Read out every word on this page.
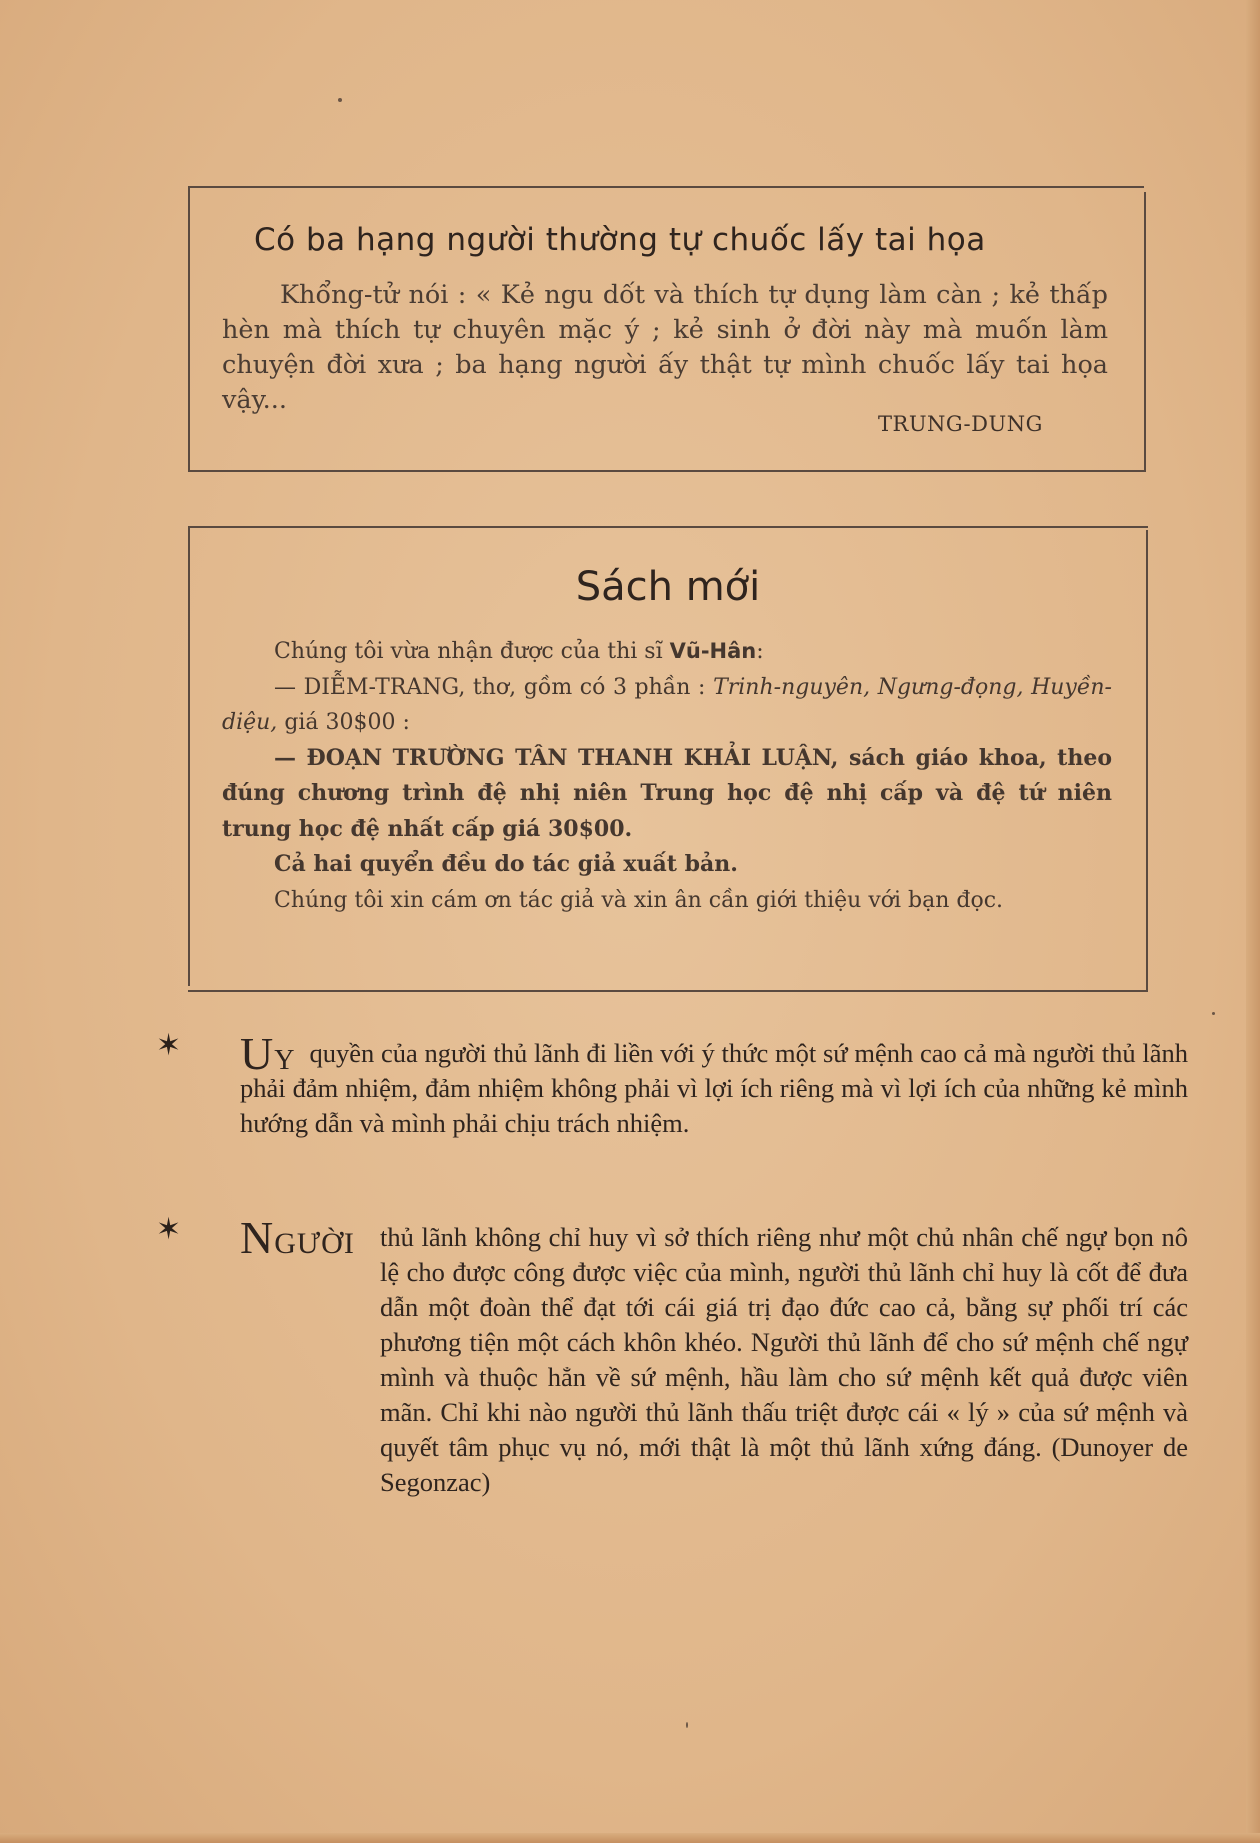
Có ba hạng người thường tự chuốc lấy tai họa
Khổng-tử nói : « Kẻ ngu dốt và thích tự dụng làm càn ; kẻ thấp hèn mà thích tự chuyên mặc ý ; kẻ sinh ở đời này mà muốn làm chuyện đời xưa ; ba hạng người ấy thật tự mình chuốc lấy tai họa vậy...
TRUNG-DUNG
Sách mới

Chúng tôi vừa nhận được của thi sĩ Vũ-Hân:

— DIỄM-TRANG, thơ, gồm có 3 phần : Trinh-nguyên, Ngưng-đọng, Huyền-diệu, giá 30$00 :

— ĐOẠN TRƯỜNG TÂN THANH KHẢI LUẬN, sách giáo khoa, theo đúng chương trình đệ nhị niên Trung học đệ nhị cấp và đệ tứ niên trung học đệ nhất cấp giá 30$00.

Cả hai quyển đều do tác giả xuất bản.

Chúng tôi xin cám ơn tác giả và xin ân cần giới thiệu với bạn đọc.

✶ UY quyền của người thủ lãnh đi liền với ý thức một sứ mệnh cao cả mà người thủ lãnh phải đảm nhiệm, đảm nhiệm không phải vì lợi ích riêng mà vì lợi ích của những kẻ mình hướng dẫn và mình phải chịu trách nhiệm.

✶ NGƯỜI thủ lãnh không chỉ huy vì sở thích riêng như một chủ nhân chế ngự bọn nô lệ cho được công được việc của mình, người thủ lãnh chỉ huy là cốt để đưa dẫn một đoàn thể đạt tới cái giá trị đạo đức cao cả, bằng sự phối trí các phương tiện một cách khôn khéo. Người thủ lãnh để cho sứ mệnh chế ngự mình và thuộc hẳn về sứ mệnh, hầu làm cho sứ mệnh kết quả được viên mãn. Chỉ khi nào người thủ lãnh thấu triệt được cái « lý » của sứ mệnh và quyết tâm phục vụ nó, mới thật là một thủ lãnh xứng đáng. (Dunoyer de Segonzac)
